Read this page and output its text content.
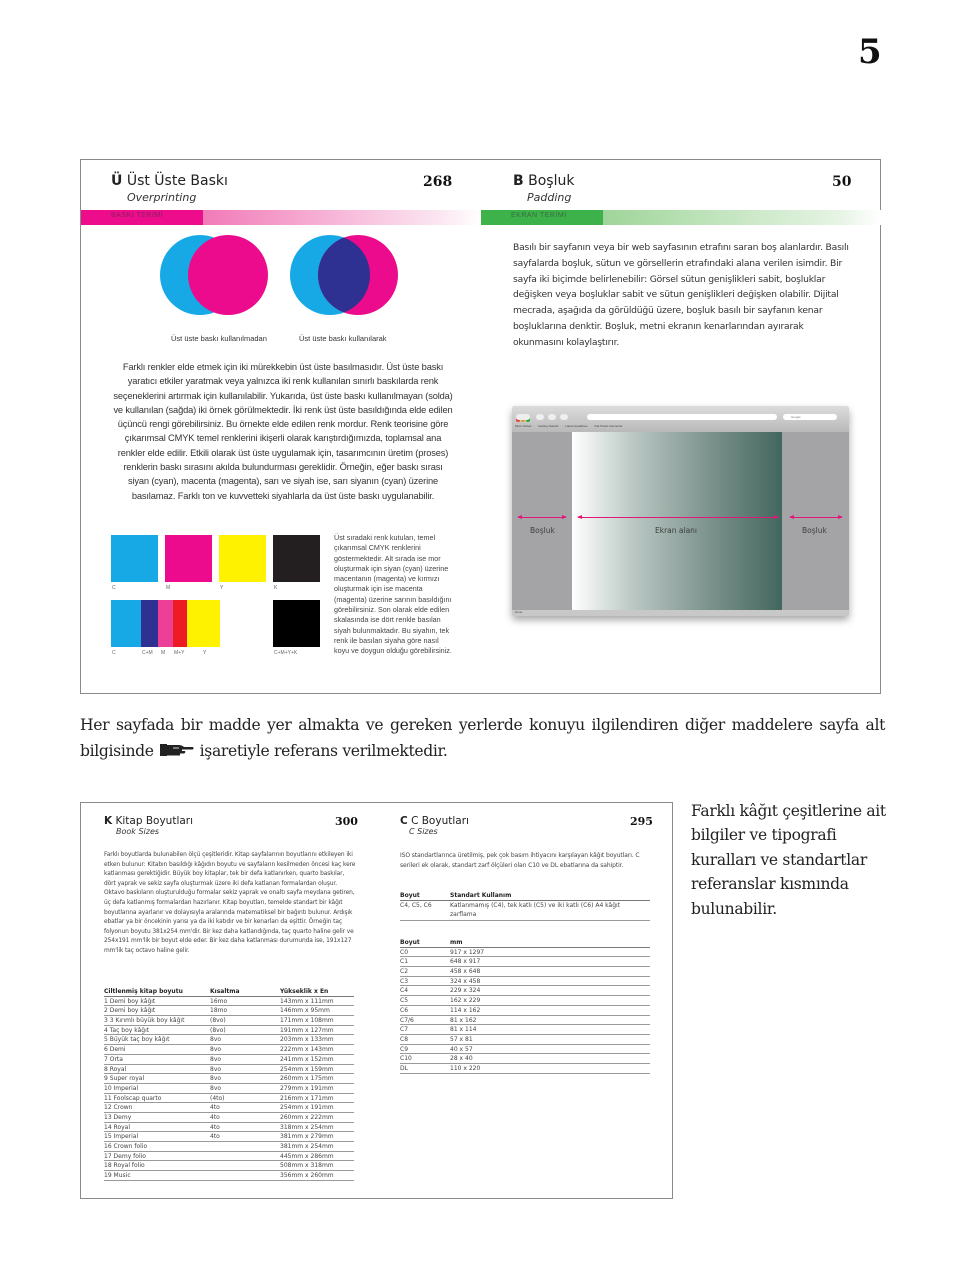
5
Ü Üst Üste Baskı
Overprinting
268
BASKI TERİMİ
Üst üste baskı kullanılmadan	Üst üste baskı kullanılarak
Farklı renkler elde etmek için iki mürekkebin üst üste basılmasıdır. Üst üste baskı yaratıcı etkiler yaratmak veya yalnızca iki renk kullanılan sınırlı baskılarda renk seçeneklerini artırmak için kullanılabilir. Yukarıda, üst üste baskı kullanılmayan (solda) ve kullanılan (sağda) iki örnek görülmektedir. İki renk üst üste basıldığında elde edilen üçüncü rengi görebilirsiniz. Bu örnekte elde edilen renk mordur. Renk teorisine göre çıkarımsal CMYK temel renklerini ikişerli olarak karıştırdığımızda, toplamsal ana renkler elde edilir. Etkili olarak üst üste uygulamak için, tasarımcının üretim (proses) renklerin baskı sırasını akılda bulundurması gereklidir. Örneğin, eğer baskı sırası siyan (cyan), macenta (magenta), sarı ve siyah ise, sarı siyanın (cyan) üzerine basılamaz. Farklı ton ve kuvvetteki siyahlarla da üst üste baskı uygulanabilir.
C	M	Y	K
C	C+M M M+Y	Y	C+M+Y+K
Üst sıradaki renk kutuları, temel çıkarımsal CMYK renklerini göstermektedir. Alt sırada ise mor oluşturmak için siyan (cyan) üzerine macentanın (magenta) ve kırmızı oluşturmak için ise macenta (magenta) üzerine sarının basıldığını görebilirsiniz. Son olarak elde edilen skalasında ise dört renkle basılan siyah bulunmaktadır. Bu siyahın, tek renk ile basılan siyaha göre nasıl koyu ve doygun olduğu görebilirsiniz.
B Boşluk
Padding
50
EKRAN TERİMİ
Basılı bir sayfanın veya bir web sayfasının etrafını saran boş alanlardır. Basılı sayfalarda boşluk, sütun ve görsellerin etrafındaki alana verilen isimdir. Bir sayfa iki biçimde belirlenebilir: Görsel sütun genişlikleri sabit, boşluklar değişken veya boşluklar sabit ve sütun genişlikleri değişken olabilir. Dijital mecrada, aşağıda da görüldüğü üzere, boşluk basılı bir sayfanın kenar boşluklarına denktir. Boşluk, metni ekranın kenarlarından ayırarak okunmasını kolaylaştırır.
Google
Most Visited Getting Started Latest Headlines Flat Panel Connector
Boşluk	Ekran alanı	Boşluk
Done
Her sayfada bir madde yer almakta ve gereken yerlerde konuyu ilgilendiren diğer maddelere sayfa alt bilgisinde	işaretiyle referans verilmektedir.
Farklı kâğıt çeşitlerine ait bilgiler ve tipografi kuralları ve standartlar referanslar kısmında bulunabilir.
K Kitap Boyutları
Book Sizes
300
Farklı boyutlarda bulunabilen ölçü çeşitleridir. Kitap sayfalarının boyutlarını etkileyen iki etken bulunur: Kitabın basıldığı kâğıdın boyutu ve sayfaların kesilmeden öncesi kaç kere katlanması gerektiğidir. Büyük boy kitaplar, tek bir defa katlanırken, quarto baskılar, dört yaprak ve sekiz sayfa oluşturmak üzere iki defa katlanan formalardan oluşur. Oktavo baskıların oluşturulduğu formalar sekiz yaprak ve onaltı sayfa meydana getiren, üç defa katlanmış formalardan hazırlanır. Kitap boyutları, temelde standart bir kâğıt boyutlarına ayarlanır ve dolayısıyla aralarında matematiksel bir bağıntı bulunur. Ardışık ebatlar ya bir öncekinin yarısı ya da iki katıdır ve bir kenarları da eşittir. Örneğin taç folyonun boyutu 381x254 mm'dir. Bir kez daha katlandığında, taç quarto haline gelir ve 254x191 mm'lik bir boyut elde eder. Bir kez daha katlanması durumunda ise, 191x127 mm'lik taç octavo haline gelir.
Ciltlenmiş kitap boyutu	Kısaltma	Yükseklik x En
1 Demi boy kâğıt	16mo	143mm x 111mm
2 Demi boy kâğıt	18mo	146mm x 95mm
3 3 Kırımlı büyük boy kâğıt	(8vo)	171mm x 108mm
4 Taç boy kâğıt	(8vo)	191mm x 127mm
5 Büyük taç boy kâğıt	8vo	203mm x 133mm
6 Demi	8vo	222mm x 143mm
7 Orta	8vo	241mm x 152mm
8 Royal	8vo	254mm x 159mm
9 Super royal	8vo	260mm x 175mm
10 Imperial	8vo	279mm x 191mm
11 Foolscap quarto	(4to)	216mm x 171mm
12 Crown	4to	254mm x 191mm
13 Demy	4to	260mm x 222mm
14 Royal	4to	318mm x 254mm
15 Imperial	4to	381mm x 279mm
16 Crown folio	381mm x 254mm
17 Demy folio	445mm x 286mm
18 Royal folio	508mm x 318mm
19 Music	356mm x 260mm
C C Boyutları
C Sizes
295
ISO standartlarınca üretilmiş, pek çok basım ihtiyacını karşılayan kâğıt boyutları. C serileri ek olarak, standart zarf ölçüleri olan C10 ve DL ebatlarına da sahiptir.
Boyut	Standart Kullanım
C4, C5, C6	Katlanmamış (C4), tek katlı (C5) ve iki katlı (C6) A4 kâğıt zarflama
Boyut	mm
C0	917 x 1297
C1	648 x 917
C2	458 x 648
C3	324 x 458
C4	229 x 324
C5	162 x 229
C6	114 x 162
C7/6	81 x 162
C7	81 x 114
C8	57 x 81
C9	40 x 57
C10	28 x 40
DL	110 x 220
